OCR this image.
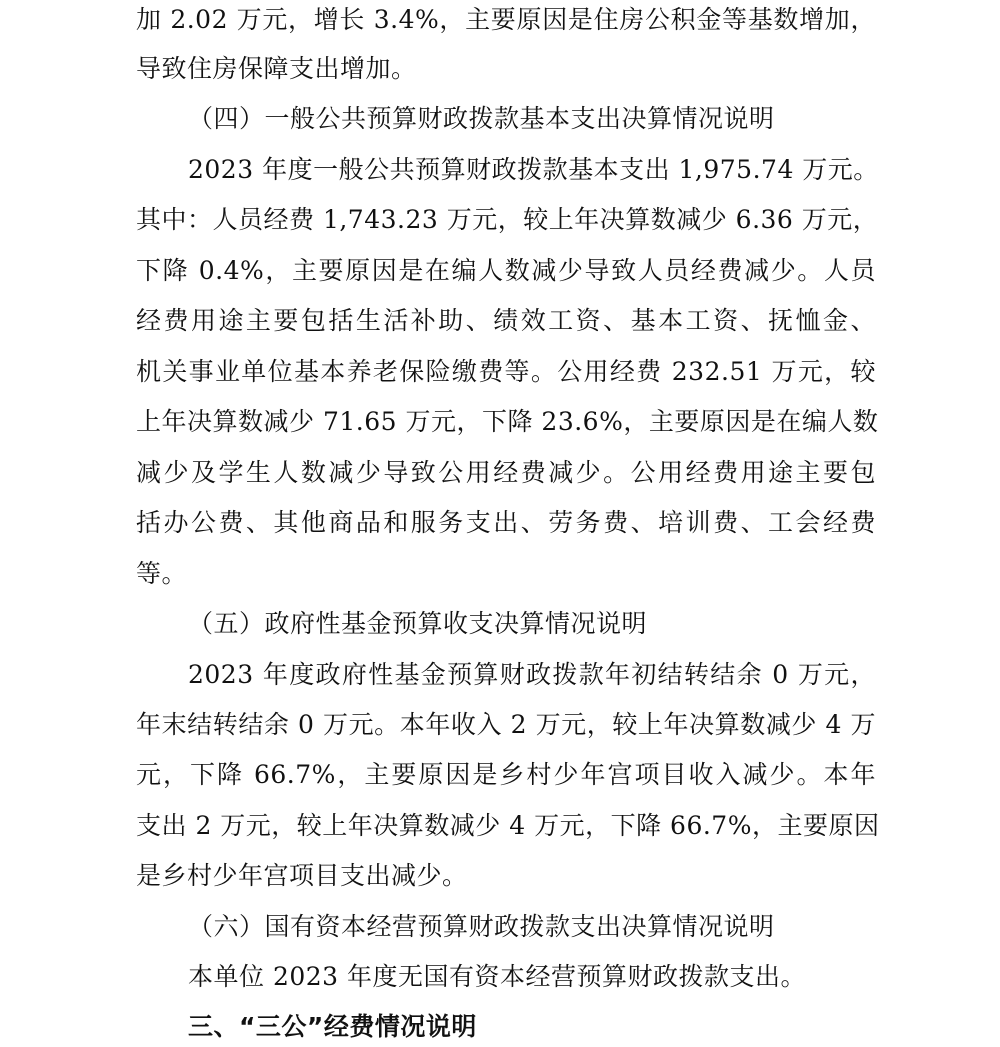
加 2.02 万元，增长 3.4%，主要原因是住房公积金等基数增加，
导致住房保障支出增加。
（四）一般公共预算财政拨款基本支出决算情况说明
2023 年度一般公共预算财政拨款基本支出 1,975.74 万元。
其中：人员经费 1,743.23 万元，较上年决算数减少 6.36 万元，
下降 0.4%，主要原因是在编人数减少导致人员经费减少。人员
经费用途主要包括生活补助、绩效工资、基本工资、抚恤金、
机关事业单位基本养老保险缴费等。公用经费 232.51 万元，较
上年决算数减少 71.65 万元，下降 23.6%，主要原因是在编人数
减少及学生人数减少导致公用经费减少。公用经费用途主要包
括办公费、其他商品和服务支出、劳务费、培训费、工会经费
等。
（五）政府性基金预算收支决算情况说明
2023 年度政府性基金预算财政拨款年初结转结余 0 万元，
年末结转结余 0 万元。本年收入 2 万元，较上年决算数减少 4 万
元，下降 66.7%，主要原因是乡村少年宫项目收入减少。本年
支出 2 万元，较上年决算数减少 4 万元，下降 66.7%，主要原因
是乡村少年宫项目支出减少。
（六）国有资本经营预算财政拨款支出决算情况说明
本单位 2023 年度无国有资本经营预算财政拨款支出。
三、“三公”经费情况说明
